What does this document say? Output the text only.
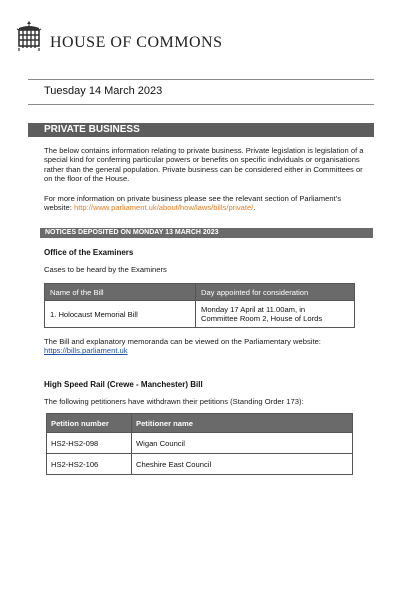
HOUSE OF COMMONS
Tuesday 14 March 2023
PRIVATE BUSINESS
The below contains information relating to private business. Private legislation is legislation of a special kind for conferring particular powers or benefits on specific individuals or organisations rather than the general population. Private business can be considered either in Committees or on the floor of the House.
For more information on private business please see the relevant section of Parliament’s website: http://www.parliament.uk/about/how/laws/bills/private/.
NOTICES DEPOSITED ON MONDAY 13 MARCH 2023
Office of the Examiners
Cases to be heard by the Examiners
Name of the Bill	Day appointed for consideration
1. Holocaust Memorial Bill	Monday 17 April at 11.00am, in
Committee Room 2, House of Lords
The Bill and explanatory memoranda can be viewed on the Parliamentary website:
https://bills.parliament.uk
High Speed Rail (Crewe - Manchester) Bill
The following petitioners have withdrawn their petitions (Standing Order 173):
Petition number	Petitioner name
HS2-HS2-098	Wigan Council
HS2-HS2-106	Cheshire East Council
